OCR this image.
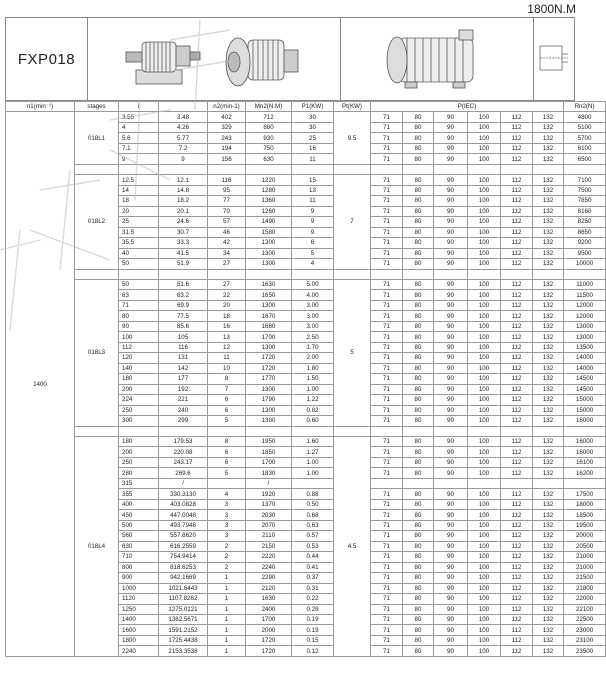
1800N.M
FXP018
n1(min⁻¹)	stages	i		n2(min-1)	Mn2(N.M)	P1(KW)	Pt(KW)	P(IEC)						Rn2(N)
1400	018L1	3.55	3.48	402	712	30	9.5	71	80	90	100	112	132	4800
		4	4.26	329	880	30		71	80	90	100	112	132	5100
		5.6	5.77	243	930	25		71	80	90	100	112	132	5700
		7.1	7.2	194	750	16		71	80	90	100	112	132	6100
		9	9	156	630	11		71	80	90	100	112	132	6500

	018L2	12.5	12.1	116	1220	15	7	71	80	90	100	112	132	7100
		14	14.8	95	1280	13		71	80	90	100	112	132	7500
		18	18.2	77	1360	11		71	80	90	100	112	132	7850
		20	20.1	70	1260	9		71	80	90	100	112	132	8160
		25	24.6	57	1490	9		71	80	90	100	112	132	8250
		31.5	30.7	46	1580	9		71	80	90	100	112	132	8650
		35.5	33.3	42	1300	6		71	80	90	100	112	132	9200
		40	41.5	34	1300	5		71	80	90	100	112	132	9500
		50	51.9	27	1300	4		71	80	90	100	112	132	10000

	018L3	50	51.6	27	1630	5.00	5	71	80	90	100	112	132	11000
		63	63.2	22	1650	4.00		71	80	90	100	112	132	11500
		71	69.9	20	1300	3.00		71	80	90	100	112	132	12000
		80	77.5	18	1670	3.00		71	80	90	100	112	132	12000
		90	85.6	16	1680	3.00		71	80	90	100	112	132	13000
		100	105	13	1700	2.50		71	80	90	100	112	132	13000
		112	116	12	1300	1.70		71	80	90	100	112	132	13500
		120	131	11	1720	2.00		71	80	90	100	112	132	14000
		140	142	10	1720	1.80		71	80	90	100	112	132	14000
		180	177	8	1770	1.50		71	80	90	100	112	132	14500
		200	192	7	1300	1.00		71	80	90	100	112	132	14500
		224	221	6	1790	1.22		71	80	90	100	112	132	15000
		250	240	6	1300	0.82		71	80	90	100	112	132	15000
		300	299	5	1300	0.60		71	80	90	100	112	132	16000

	018L4	180	179.53	8	1950	1.60	4.5	71	80	90	100	112	132	16000
		200	220.08	6	1850	1.27		71	80	90	100	112	132	16000
		250	243.17	6	1700	1.00		71	80	90	100	112	132	16100
		280	269.6	5	1830	1.00		71	80	90	100	112	132	16200
		315	/		/									
		355	330.3130	4	1920	0.88		71	80	90	100	112	132	17500
		400	403.0828	3	1370	0.50		71	80	90	100	112	132	18000
		450	447.0048	3	2030	0.68		71	80	90	100	112	132	18500
		500	493.7948	3	2070	0.63		71	80	90	100	112	132	19500
		560	557.8620	3	2110	0.57		71	80	90	100	112	132	20000
		630	616.2559	2	2150	0.53		71	80	90	100	112	132	20500
		710	754.9414	2	2220	0.44		71	80	90	100	112	132	21000
		800	818.6253	2	2240	0.41		71	80	90	100	112	132	21000
		900	942.1669	1	2290	0.37		71	80	90	100	112	132	21500
		1000	1021.6443	1	2120	0.31		71	80	90	100	112	132	21800
		1120	1107.8262	1	1630	0.22		71	80	90	100	112	132	22000
		1250	1275.0121	1	2400	0.28		71	80	90	100	112	132	22100
		1400	1382.5671	1	1700	0.19		71	80	90	100	112	132	22500
		1600	1591.2152	1	2000	0.19		71	80	90	100	112	132	23000
		1800	1725.4438	1	1720	0.15		71	80	90	100	112	132	23100
		2240	2153.3538	1	1720	0.12		71	80	90	100	112	132	23500
